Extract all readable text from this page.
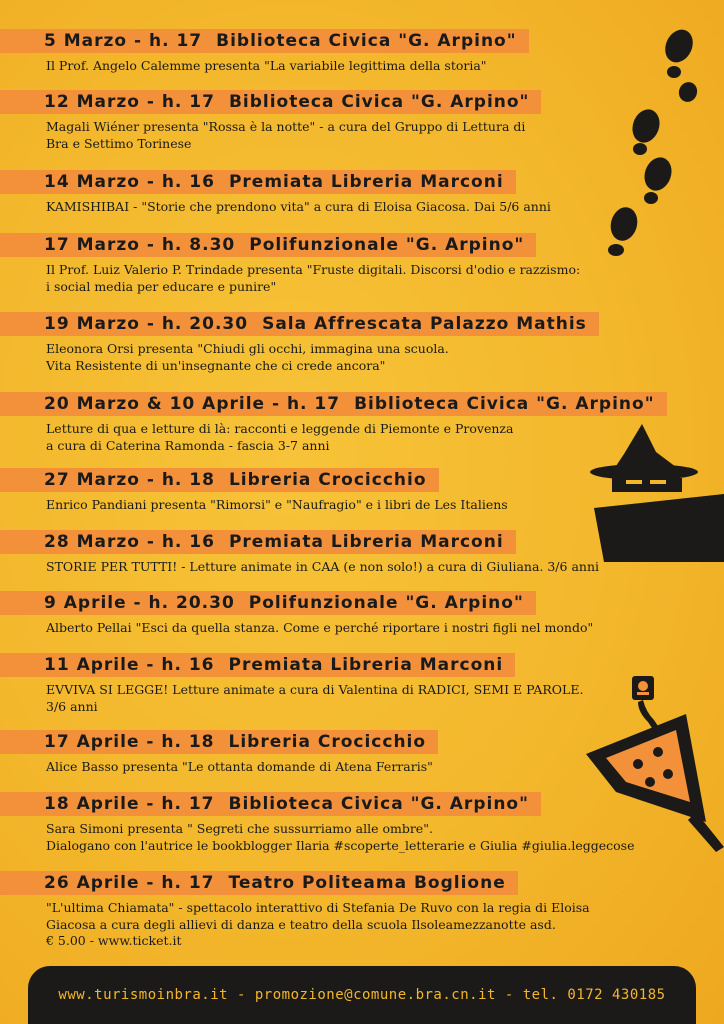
5 Marzo - h. 17 Biblioteca Civica "G. Arpino"
Il Prof. Angelo Calemme presenta "La variabile legittima della storia"
12 Marzo - h. 17 Biblioteca Civica "G. Arpino"
Magali Wiéner presenta "Rossa è la notte" - a cura del Gruppo di Lettura di
Bra e Settimo Torinese
14 Marzo - h. 16 Premiata Libreria Marconi
KAMISHIBAI - "Storie che prendono vita" a cura di Eloisa Giacosa. Dai 5/6 anni
17 Marzo - h. 8.30 Polifunzionale "G. Arpino"
Il Prof. Luiz Valerio P. Trindade presenta "Fruste digitali. Discorsi d'odio e razzismo:
i social media per educare e punire"
19 Marzo - h. 20.30 Sala Affrescata Palazzo Mathis
Eleonora Orsi presenta "Chiudi gli occhi, immagina una scuola.
Vita Resistente di un'insegnante che ci crede ancora"
20 Marzo & 10 Aprile - h. 17 Biblioteca Civica "G. Arpino"
Letture di qua e letture di là: racconti e leggende di Piemonte e Provenza
a cura di Caterina Ramonda - fascia 3-7 anni
27 Marzo - h. 18 Libreria Crocicchio
Enrico Pandiani presenta "Rimorsi" e "Naufragio" e i libri de Les Italiens
28 Marzo - h. 16 Premiata Libreria Marconi
STORIE PER TUTTI! - Letture animate in CAA (e non solo!) a cura di Giuliana. 3/6 anni
9 Aprile - h. 20.30 Polifunzionale "G. Arpino"
Alberto Pellai "Esci da quella stanza. Come e perché riportare i nostri figli nel mondo"
11 Aprile - h. 16 Premiata Libreria Marconi
EVVIVA SI LEGGE! Letture animate a cura di Valentina di RADICI, SEMI E PAROLE.
3/6 anni
17 Aprile - h. 18 Libreria Crocicchio
Alice Basso presenta "Le ottanta domande di Atena Ferraris"
18 Aprile - h. 17 Biblioteca Civica "G. Arpino"
Sara Simoni presenta " Segreti che sussurriamo alle ombre".
Dialogano con l'autrice le bookblogger Ilaria #scoperte_letterarie e Giulia #giulia.leggecose
26 Aprile - h. 17 Teatro Politeama Boglione
"L'ultima Chiamata" - spettacolo interattivo di Stefania De Ruvo con la regia di Eloisa
Giacosa a cura degli allievi di danza e teatro della scuola Ilsoleamezzanotte asd.
€ 5.00 - www.ticket.it
www.turismoinbra.it - promozione@comune.bra.cn.it - tel. 0172 430185
